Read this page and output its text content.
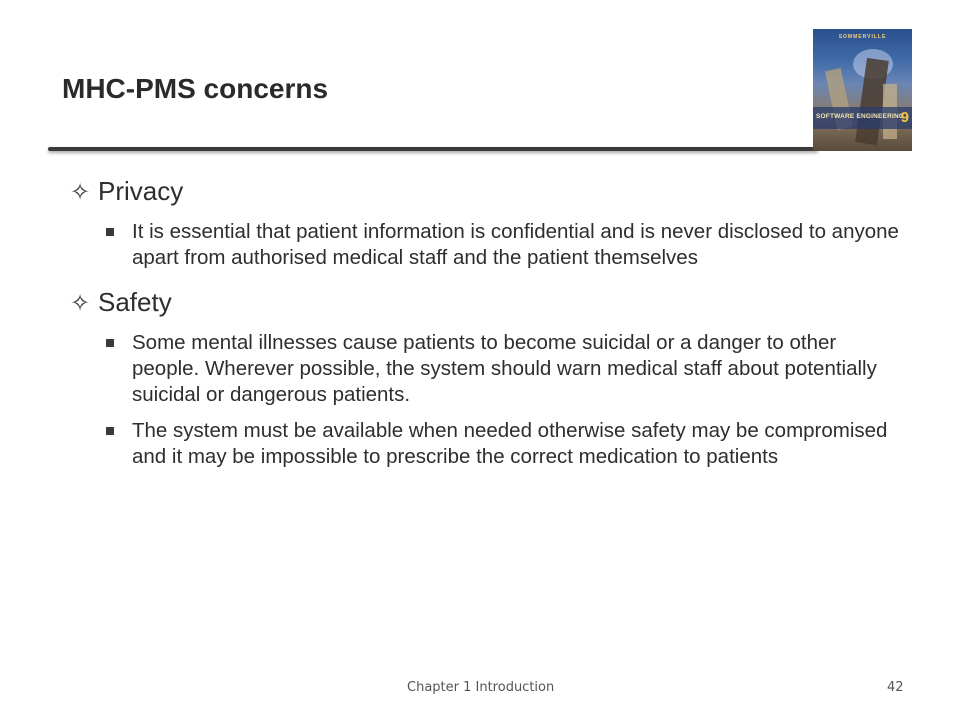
MHC-PMS concerns
SOMMERVILLE
SOFTWARE ENGINEERING
9
✧ Privacy
It is essential that patient information is confidential and is never disclosed to anyone apart from authorised medical staff and the patient themselves
✧ Safety
Some mental illnesses cause patients to become suicidal or a danger to other people. Wherever possible, the system should warn medical staff about potentially suicidal or dangerous patients.
The system must be available when needed otherwise safety may be compromised and it may be impossible to prescribe the correct medication to patients
Chapter 1 Introduction	42
